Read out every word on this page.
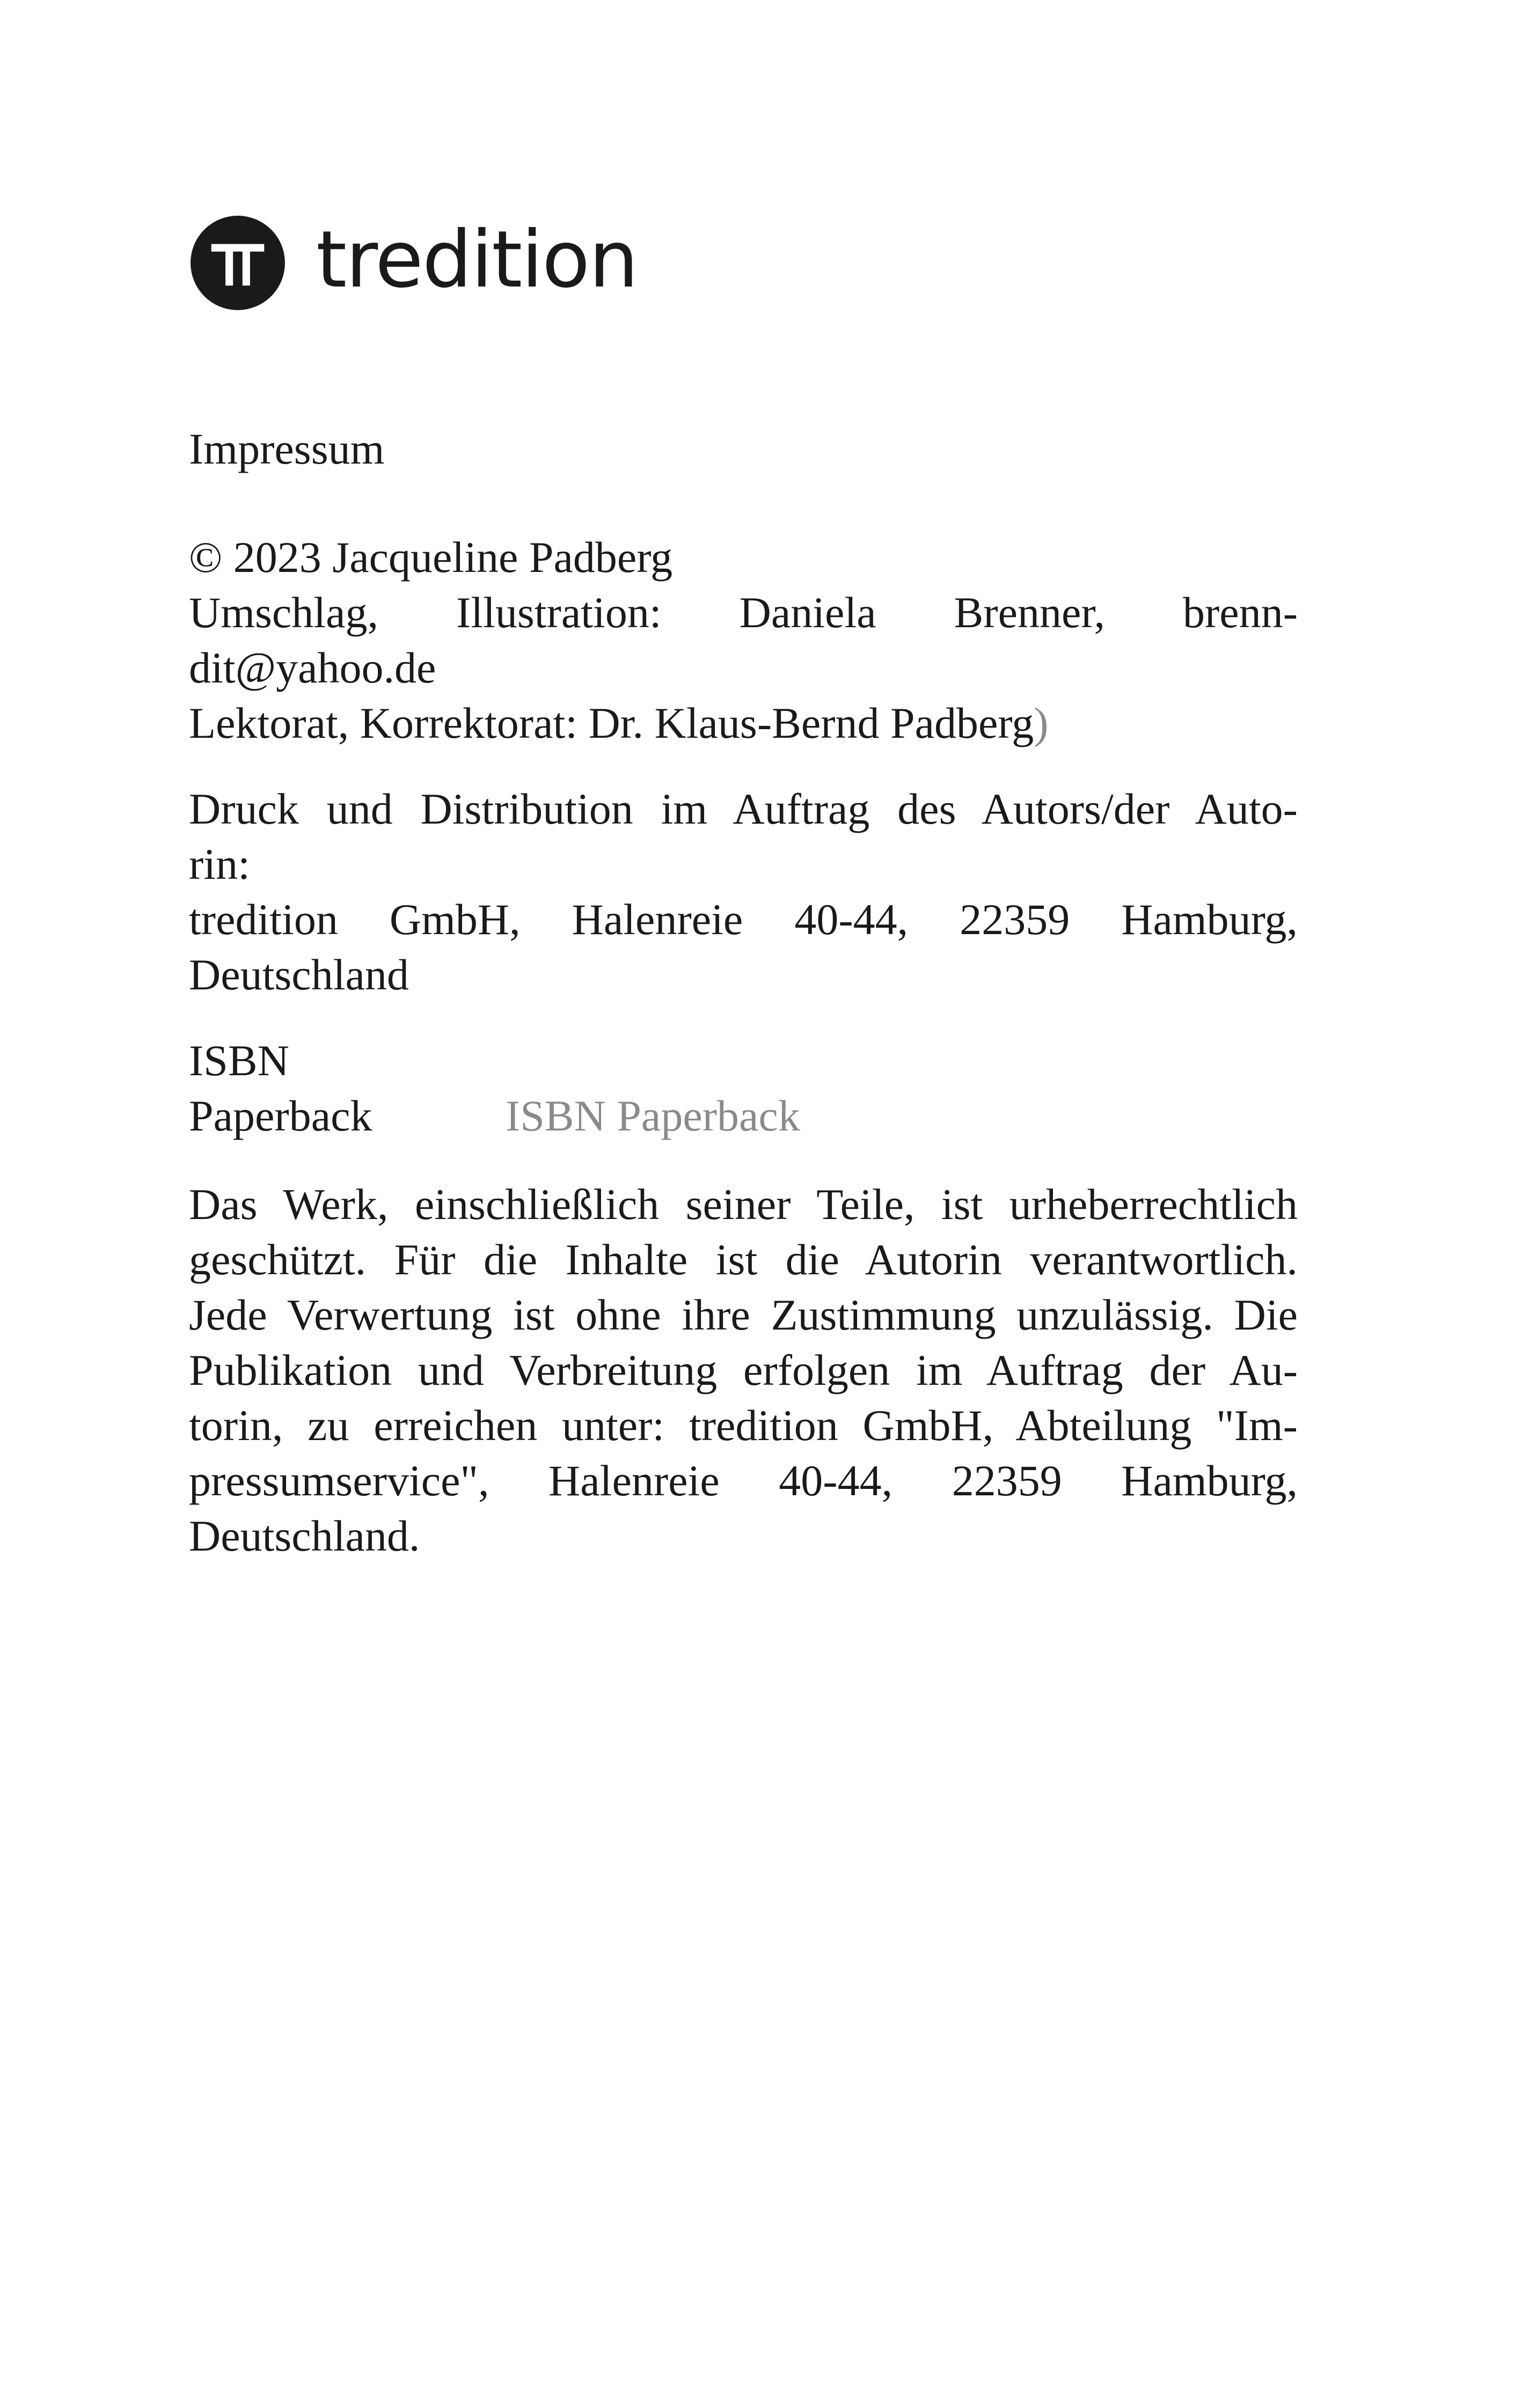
tredition

Impressum

© 2023 Jacqueline Padberg
Umschlag, Illustration: Daniela Brenner, brenn-
dit@yahoo.de
Lektorat, Korrektorat: Dr. Klaus-Bernd Padberg)
Druck und Distribution im Auftrag des Autors/der Auto-
rin:
tredition GmbH, Halenreie 40-44, 22359 Hamburg,
Deutschland
ISBN
Paperback	ISBN Paperback
Das Werk, einschließlich seiner Teile, ist urheberrechtlich
geschützt. Für die Inhalte ist die Autorin verantwortlich.
Jede Verwertung ist ohne ihre Zustimmung unzulässig. Die
Publikation und Verbreitung erfolgen im Auftrag der Au-
torin, zu erreichen unter: tredition GmbH, Abteilung "Im-
pressumservice", Halenreie 40-44, 22359 Hamburg,
Deutschland.
